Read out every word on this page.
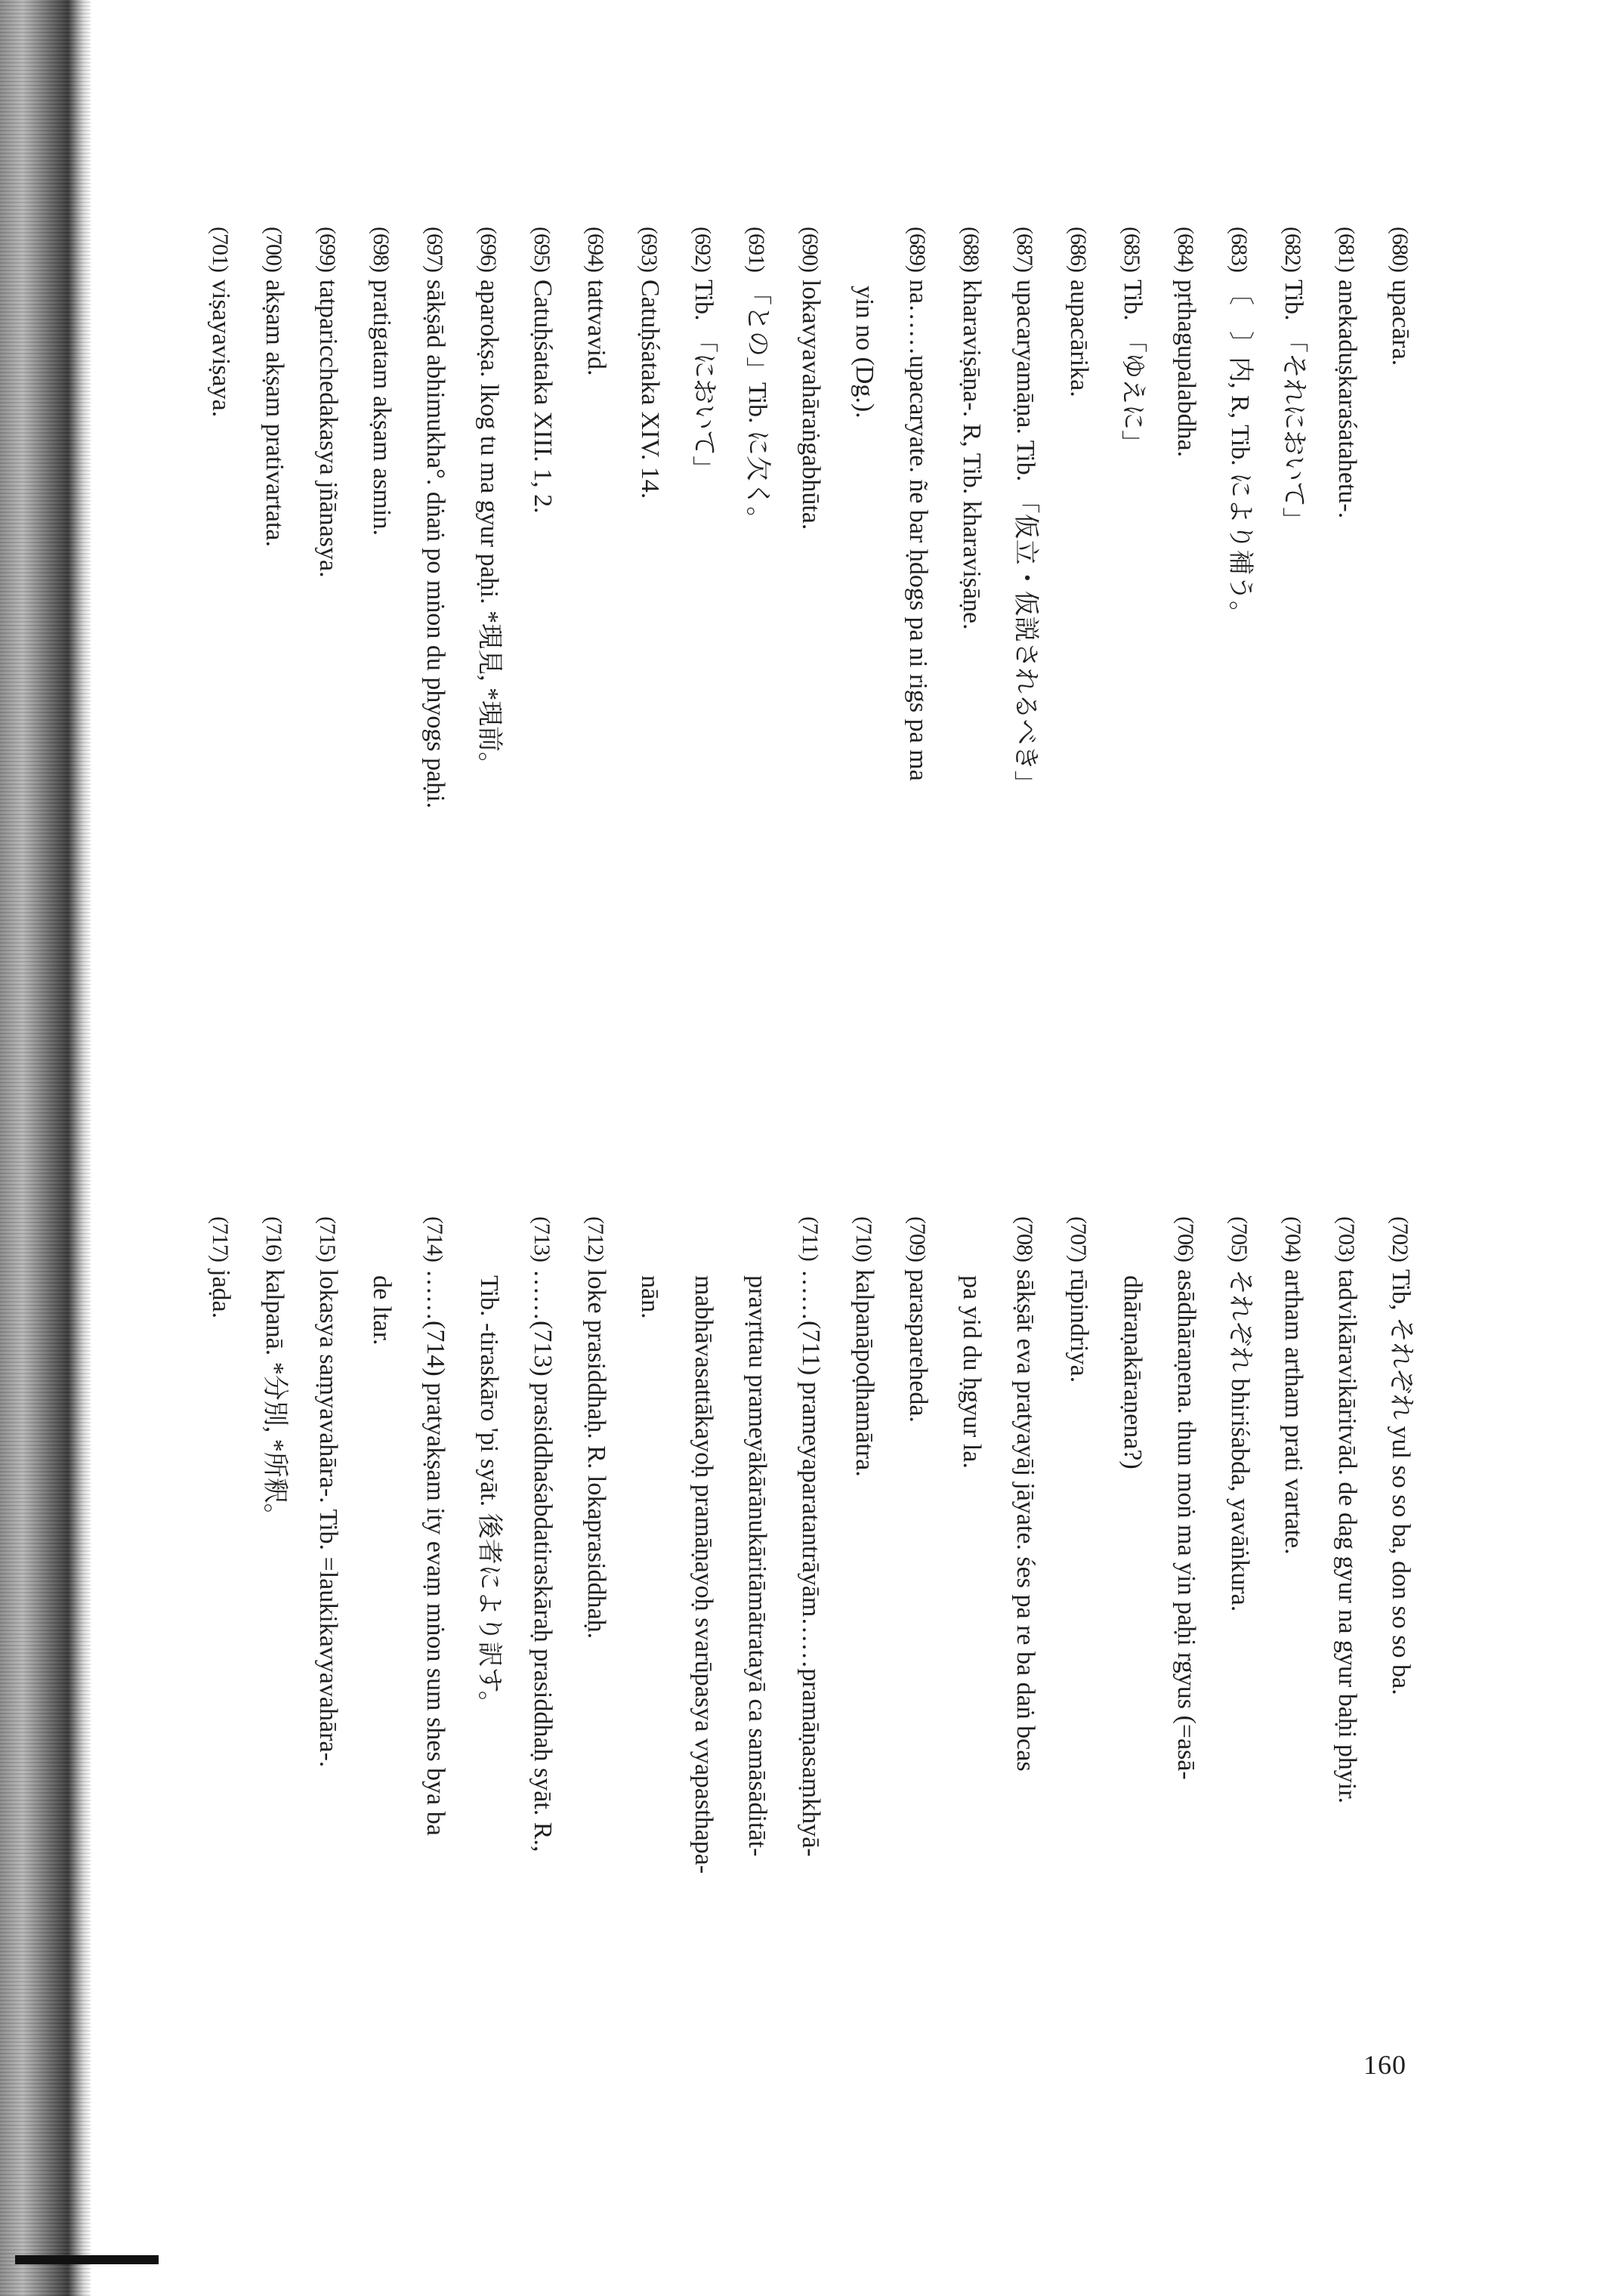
160
(680)upacāra.
(681)anekaduṣkaraśatahetu-.
(682)Tib. 「それにおいて」
(683)〔　〕内, R, Tib. により補う。
(684)pṛthagupalabdha.
(685)Tib. 「ゆえに」
(686)aupacārika.
(687)upacaryamāṇa. Tib. 「仮立・仮説されるべき」
(688)kharaviṣāṇa-. R, Tib. kharaviṣāṇe.
(689)na……upacaryate. ñe bar ḥdogs pa ni rigs pa ma
yin no (Dg.).
(690)lokavyavahāraṅgabhūta.
(691)「との」Tib. に欠く。
(692)Tib. 「において」
(693)Catuḥśataka XIV. 14.
(694)tattvavid.
(695)Catuḥśataka XIII. 1, 2.
(696)aparokṣa. lkog tu ma gyur paḥi. *現見, *現前。
(697)sākṣād abhimukha°. dṅaṅ po mṅon du phyogs paḥi.
(698)pratigatam akṣam asmin.
(699)tatparicchedakasya jñānasya.
(700)akṣam akṣam prativartata.
(701)viṣayaviṣaya.
(702)Tib, それぞれ yul so so ba, don so so ba.
(703)tadvikāravikāritvād. de dag gyur na gyur baḥi phyir.
(704)artham artham prati vartate.
(705)それぞれ bhiriśabda, yavāṅkura.
(706)asādhāraṇena. thun moṅ ma yin paḥi rgyus (=asā-
dhāraṇakāraṇena?)
(707)rūpindriya.
(708)sākṣāt eva pratyayāj jāyate. śes pa re ba daṅ bcas
pa yid du ḥgyur la.
(709)paraspareheda.
(710)kalpanāpoḍhamātra.
(711)……(711) prameyaparatantrāyām……pramāṇasaṃkhyā-
pravṛttau prameyākārānukāritāmātratayā ca samāsāditāt-
mabhāvasattākayoḥ pramāṇayoḥ svarūpasya vyapasthapa-
nān.
(712)loke prasiddhaḥ. R. lokaprasiddhaḥ.
(713)……(713) prasiddhaśabdatiraskāraḥ prasiddhaḥ syāt. R.,
Tib. -tiraskāro 'pi syāt. 後者により訳す。
(714)……(714) pratyakṣam ity evaṃ mṅon sum shes bya ba
de ltar.
(715)lokasya saṃyavahāra-. Tib. =laukikavyavahāra-.
(716)kalpanā. *分別, *所釈。
(717)jaḍa.
